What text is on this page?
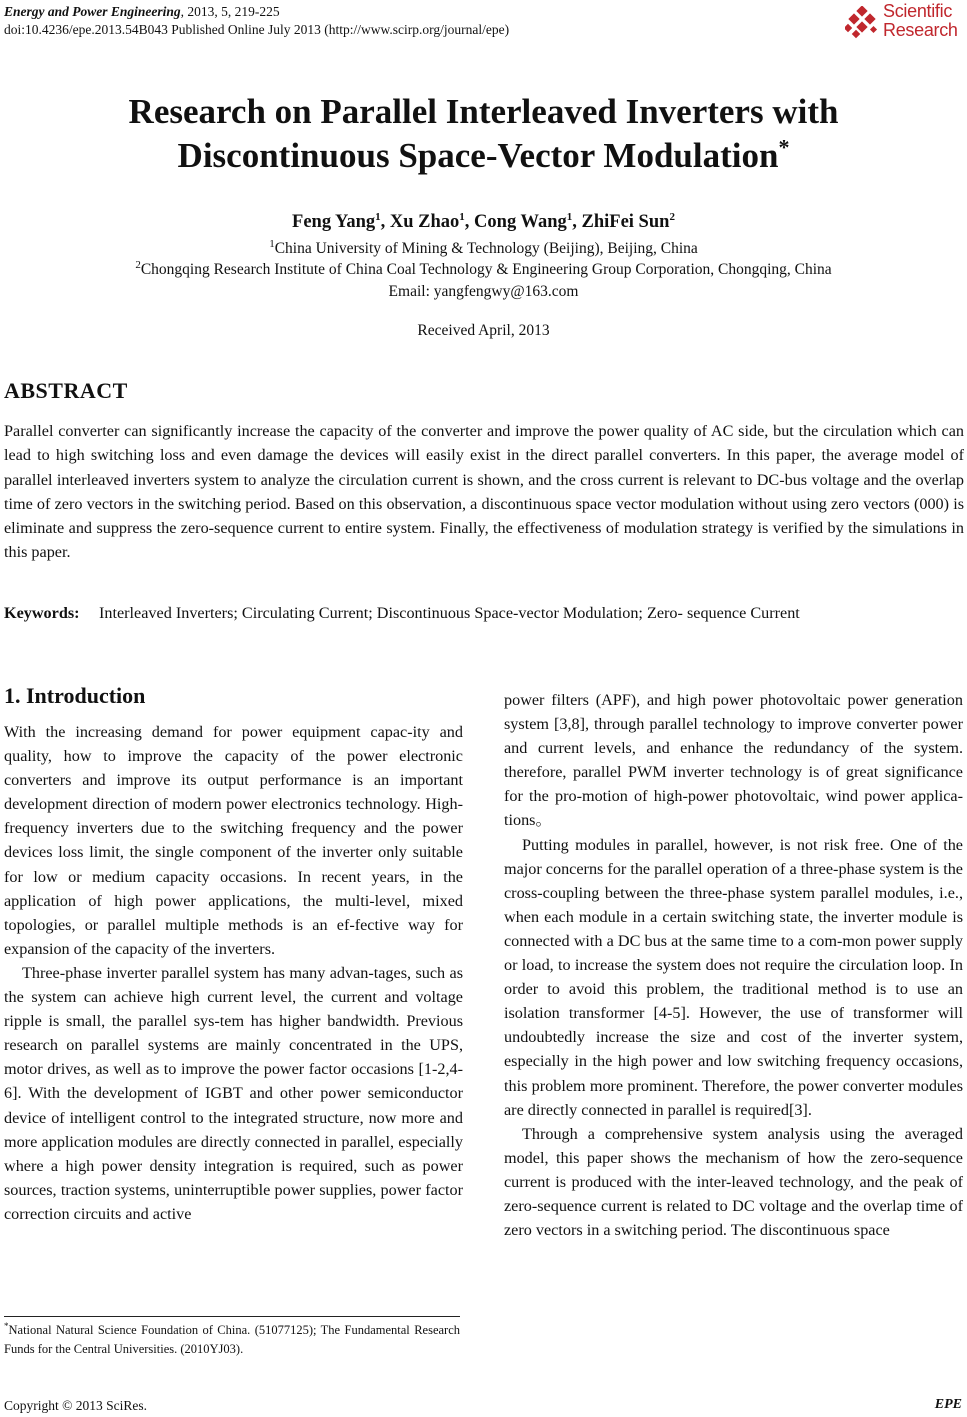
Energy and Power Engineering, 2013, 5, 219-225
doi:10.4236/epe.2013.54B043 Published Online July 2013 (http://www.scirp.org/journal/epe)
Scientific
Research
Research on Parallel Interleaved Inverters with
Discontinuous Space-Vector Modulation*
Feng Yang$^1$, Xu Zhao$^1$, Cong Wang$^1$, ZhiFei Sun$^2$
$^1$China University of Mining & Technology (Beijing), Beijing, China
$^2$Chongqing Research Institute of China Coal Technology & Engineering Group Corporation, Chongqing, China
Email: yangfengwy@163.com
Received April, 2013
ABSTRACT
Parallel converter can significantly increase the capacity of the converter and improve the power quality of AC side, but the circulation which can lead to high switching loss and even damage the devices will easily exist in the direct parallel converters. In this paper, the average model of parallel interleaved inverters system to analyze the circulation current is shown, and the cross current is relevant to DC-bus voltage and the overlap time of zero vectors in the switching period. Based on this observation, a discontinuous space vector modulation without using zero vectors (000) is eliminate and suppress the zero-sequence current to entire system. Finally, the effectiveness of modulation strategy is verified by the simulations in this paper.
Keywords: Interleaved Inverters; Circulating Current; Discontinuous Space-vector Modulation; Zero- sequence Current
1. Introduction

With the increasing demand for power equipment capac-ity and quality, how to improve the capacity of the power electronic converters and improve its output performance is an important development direction of modern power electronics technology. High-frequency inverters due to the switching frequency and the power devices loss limit, the single component of the inverter only suitable for low or medium capacity occasions. In recent years, in the application of high power applications, the multi-level, mixed topologies, or parallel multiple methods is an ef-fective way for expansion of the capacity of the inverters.

Three-phase inverter parallel system has many advan-tages, such as the system can achieve high current level, the current and voltage ripple is small, the parallel sys-tem has higher bandwidth. Previous research on parallel systems are mainly concentrated in the UPS, motor drives, as well as to improve the power factor occasions [1-2,4-6]. With the development of IGBT and other power semiconductor device of intelligent control to the integrated structure, now more and more application modules are directly connected in parallel, especially where a high power density integration is required, such as power sources, traction systems, uninterruptible power supplies, power factor correction circuits and active

power filters (APF), and high power photovoltaic power generation system [3,8], through parallel technology to improve converter power and current levels, and enhance the redundancy of the system. therefore, parallel PWM inverter technology is of great significance for the pro-motion of high-power photovoltaic, wind power applica-tions。

Putting modules in parallel, however, is not risk free. One of the major concerns for the parallel operation of a three-phase system is the cross-coupling between the three-phase system parallel modules, i.e., when each module in a certain switching state, the inverter module is connected with a DC bus at the same time to a com-mon power supply or load, to increase the system does not require the circulation loop. In order to avoid this problem, the traditional method is to use an isolation transformer [4-5]. However, the use of transformer will undoubtedly increase the size and cost of the inverter system, especially in the high power and low switching frequency occasions, this problem more prominent. Therefore, the power converter modules are directly connected in parallel is required[3].

Through a comprehensive system analysis using the averaged model, this paper shows the mechanism of how the zero-sequence current is produced with the inter-leaved technology, and the peak of zero-sequence current is related to DC voltage and the overlap time of zero vectors in a switching period. The discontinuous space

*National Natural Science Foundation of China. (51077125); The Fundamental Research Funds for the Central Universities. (2010YJ03).
Copyright © 2013 SciRes.	EPE
